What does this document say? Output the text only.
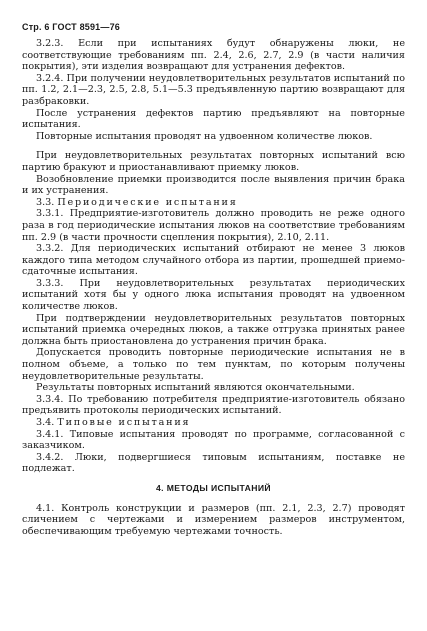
Стр. 6 ГОСТ 8591—76

3.2.3. Если при испытаниях будут обнаружены люки, не соответствующие требованиям пп. 2.4, 2.6, 2.7, 2.9 (в части наличия покрытия), эти изделия возвращают для устранения дефектов.

3.2.4. При получении неудовлетворительных результатов испытаний по пп. 1.2, 2.1—2.3, 2.5, 2.8, 5.1—5.3 предъявленную партию возвращают для разбраковки.

После устранения дефектов партию предъявляют на повторные испытания.

Повторные испытания проводят на удвоенном количестве люков.

При неудовлетворительных результатах повторных испытаний всю партию бракуют и приостанавливают приемку люков.

Возобновление приемки производится после выявления причин брака и их устранения.

3.3. Периодические испытания

3.3.1. Предприятие-изготовитель должно проводить не реже одного раза в год периодические испытания люков на соответствие требованиям пп. 2.9 (в части прочности сцепления покрытия), 2.10, 2.11.

3.3.2. Для периодических испытаний отбирают не менее 3 люков каждого типа методом случайного отбора из партии, прошедшей приемо-сдаточные испытания.

3.3.3. При неудовлетворительных результатах периодических испытаний хотя бы у одного люка испытания проводят на удвоенном количестве люков.

При подтверждении неудовлетворительных результатов повторных испытаний приемка очередных люков, а также отгрузка принятых ранее должна быть приостановлена до устранения причин брака.

Допускается проводить повторные периодические испытания не в полном объеме, а только по тем пунктам, по которым получены неудовлетворительные результаты.

Результаты повторных испытаний являются окончательными.

3.3.4. По требованию потребителя предприятие-изготовитель обязано предъявить протоколы периодических испытаний.

3.4. Типовые испытания

3.4.1. Типовые испытания проводят по программе, согласованной с заказчиком.

3.4.2. Люки, подвергшиеся типовым испытаниям, поставке не подлежат.

4. МЕТОДЫ ИСПЫТАНИЙ

4.1. Контроль конструкции и размеров (пп. 2.1, 2.3, 2.7) проводят сличением с чертежами и измерением размеров инструментом, обеспечивающим требуемую чертежами точность.
